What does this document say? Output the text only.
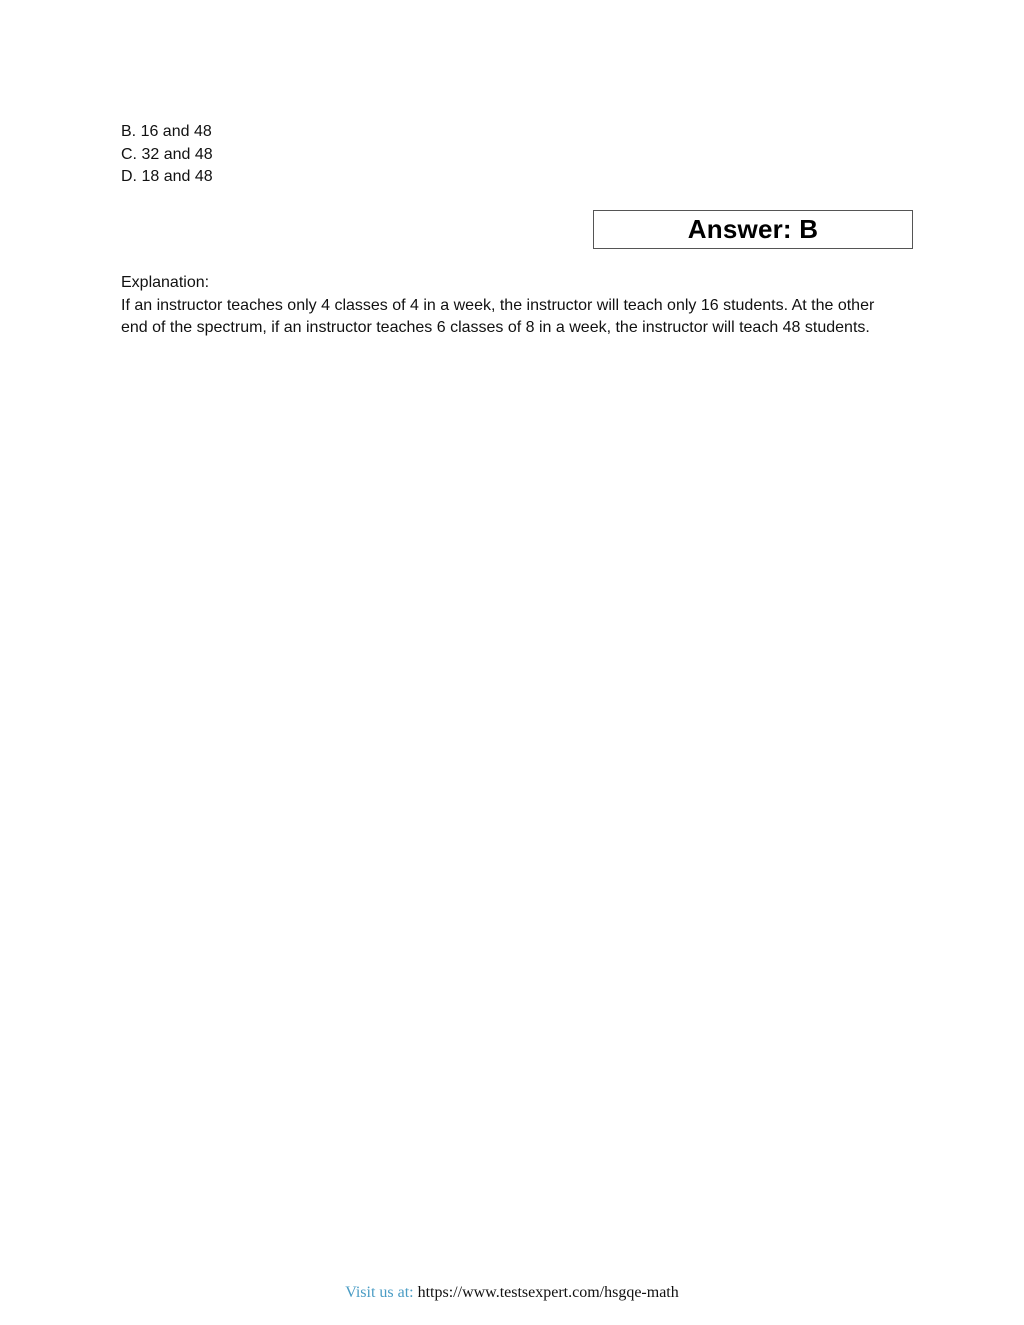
B. 16 and 48
C. 32 and 48
D. 18 and 48
Answer: B
Explanation:
If an instructor teaches only 4 classes of 4 in a week, the instructor will teach only 16 students. At the other end of the spectrum, if an instructor teaches 6 classes of 8 in a week, the instructor will teach 48 students.
Visit us at: https://www.testsexpert.com/hsgqe-math
